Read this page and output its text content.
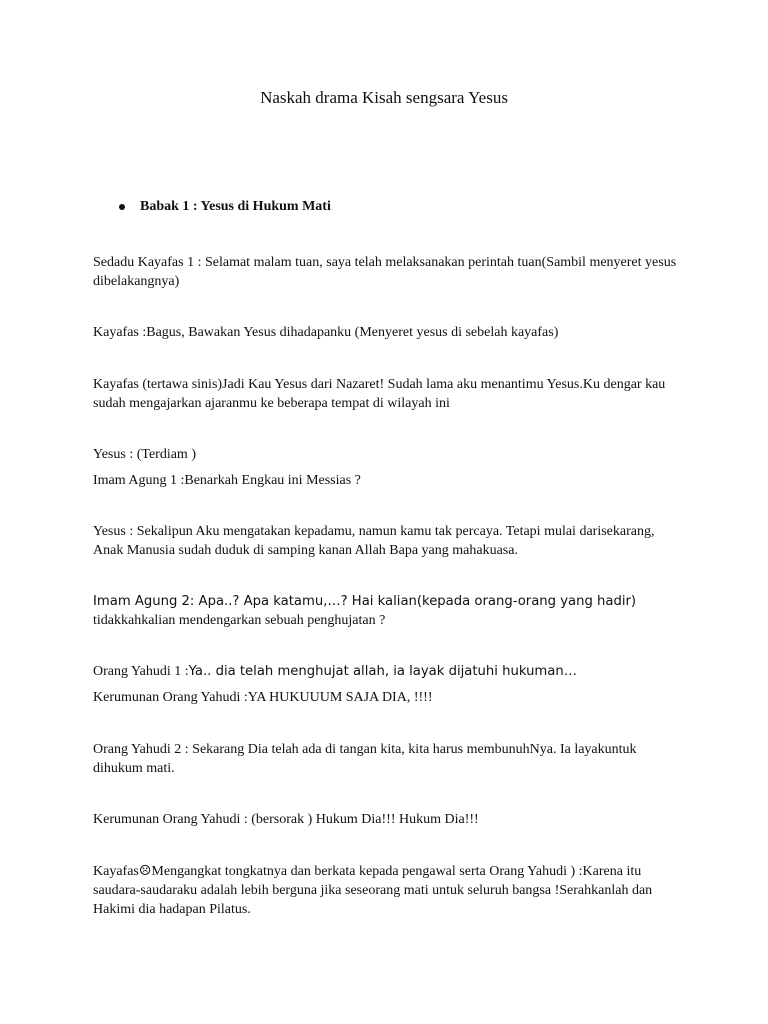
Naskah drama Kisah sengsara Yesus
Babak 1 : Yesus di Hukum Mati
Sedadu Kayafas 1 : Selamat malam tuan, saya telah melaksanakan perintah tuan(Sambil menyeret yesus dibelakangnya)
Kayafas :Bagus, Bawakan Yesus dihadapanku (Menyeret yesus di sebelah kayafas)
Kayafas (tertawa sinis)Jadi Kau Yesus dari Nazaret! Sudah lama aku menantimu Yesus.Ku dengar kau sudah mengajarkan ajaranmu ke beberapa tempat di wilayah ini
Yesus : (Terdiam )
Imam Agung 1 :Benarkah Engkau ini Messias ?
Yesus : Sekalipun Aku mengatakan kepadamu, namun kamu tak percaya. Tetapi mulai darisekarang, Anak Manusia sudah duduk di samping kanan Allah Bapa yang mahakuasa.
Imam Agung 2: Apa..? Apa katamu,…? Hai kalian(kepada orang-orang yang hadir) tidakkahkalian mendengarkan sebuah penghujatan ?
Orang Yahudi 1 :Ya.. dia telah menghujat allah, ia layak dijatuhi hukuman…
Kerumunan Orang Yahudi :YA HUKUUUM SAJA DIA, !!!!
Orang Yahudi 2 : Sekarang Dia telah ada di tangan kita, kita harus membunuhNya. Ia layakuntuk dihukum mati.
Kerumunan Orang Yahudi : (bersorak ) Hukum Dia!!! Hukum Dia!!!
Kayafas☹Mengangkat tongkatnya dan berkata kepada pengawal serta Orang Yahudi ) :Karena itu saudara-saudaraku adalah lebih berguna jika seseorang mati untuk seluruh bangsa !Serahkanlah dan Hakimi dia hadapan Pilatus.
